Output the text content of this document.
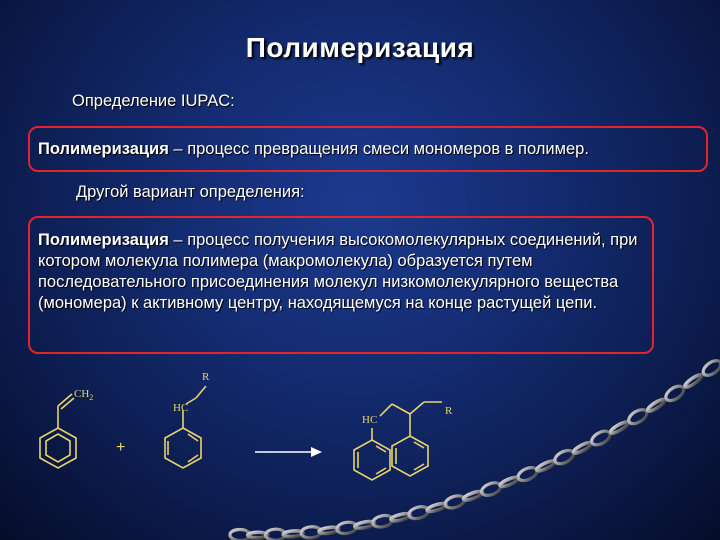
Полимеризация
Определение IUPAC:
Полимеризация – процесс превращения смеси мономеров в полимер.
Другой вариант определения:
Полимеризация – процесс получения высокомолекулярных соединений, при котором молекула полимера (макромолекула) образуется путем последовательного присоединения молекул низкомолекулярного вещества (мономера) к активному центру, находящемуся на конце растущей цепи.
$CH_2$
R
HC
HC
R
+
